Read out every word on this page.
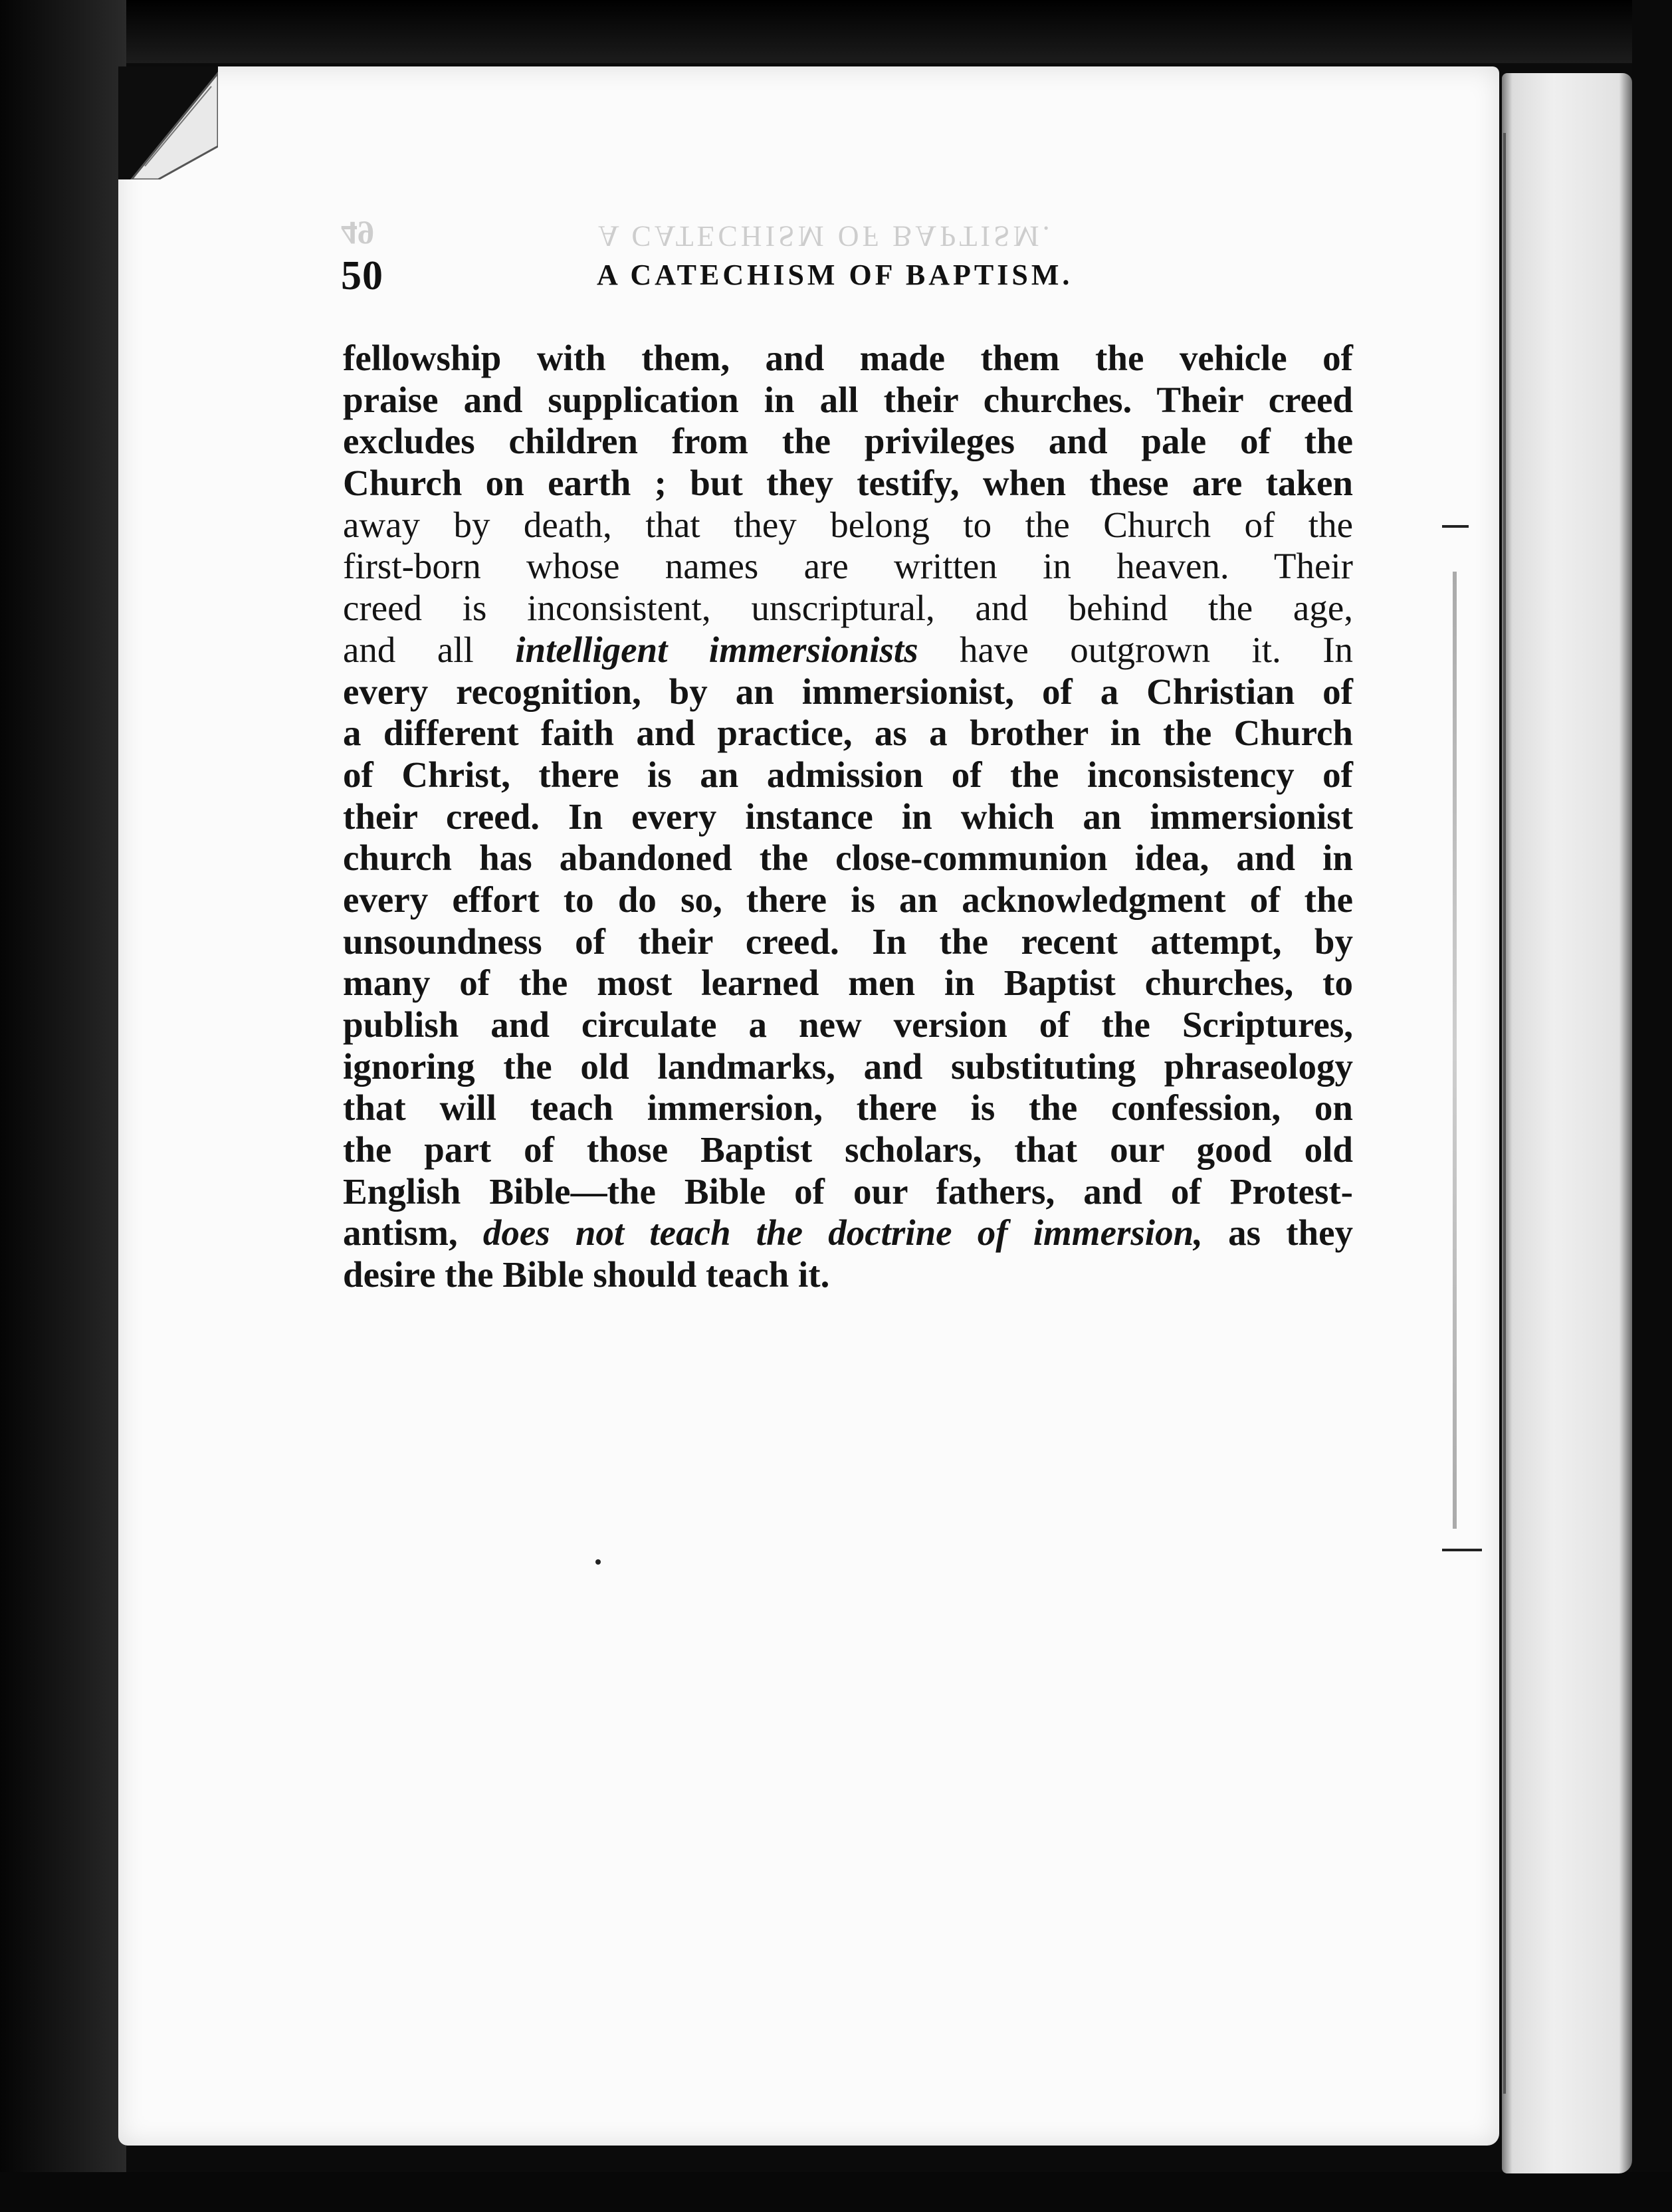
49	A CATECHISM OF BAPTISM.
50	A CATECHISM OF BAPTISM.
fellowship with them, and made them the vehicle of
praise and supplication in all their churches. Their creed
excludes children from the privileges and pale of the
Church on earth ; but they testify, when these are taken
away by death, that they belong to the Church of the
first-born whose names are written in heaven. Their
creed is inconsistent, unscriptural, and behind the age,
and all intelligent immersionists have outgrown it. In
every recognition, by an immersionist, of a Christian of
a different faith and practice, as a brother in the Church
of Christ, there is an admission of the inconsistency of
their creed. In every instance in which an immersionist
church has abandoned the close-communion idea, and in
every effort to do so, there is an acknowledgment of the
unsoundness of their creed. In the recent attempt, by
many of the most learned men in Baptist churches, to
publish and circulate a new version of the Scriptures,
ignoring the old landmarks, and substituting phraseology
that will teach immersion, there is the confession, on
the part of those Baptist scholars, that our good old
English Bible—the Bible of our fathers, and of Protest-
antism, does not teach the doctrine of immersion, as they
desire the Bible should teach it.
